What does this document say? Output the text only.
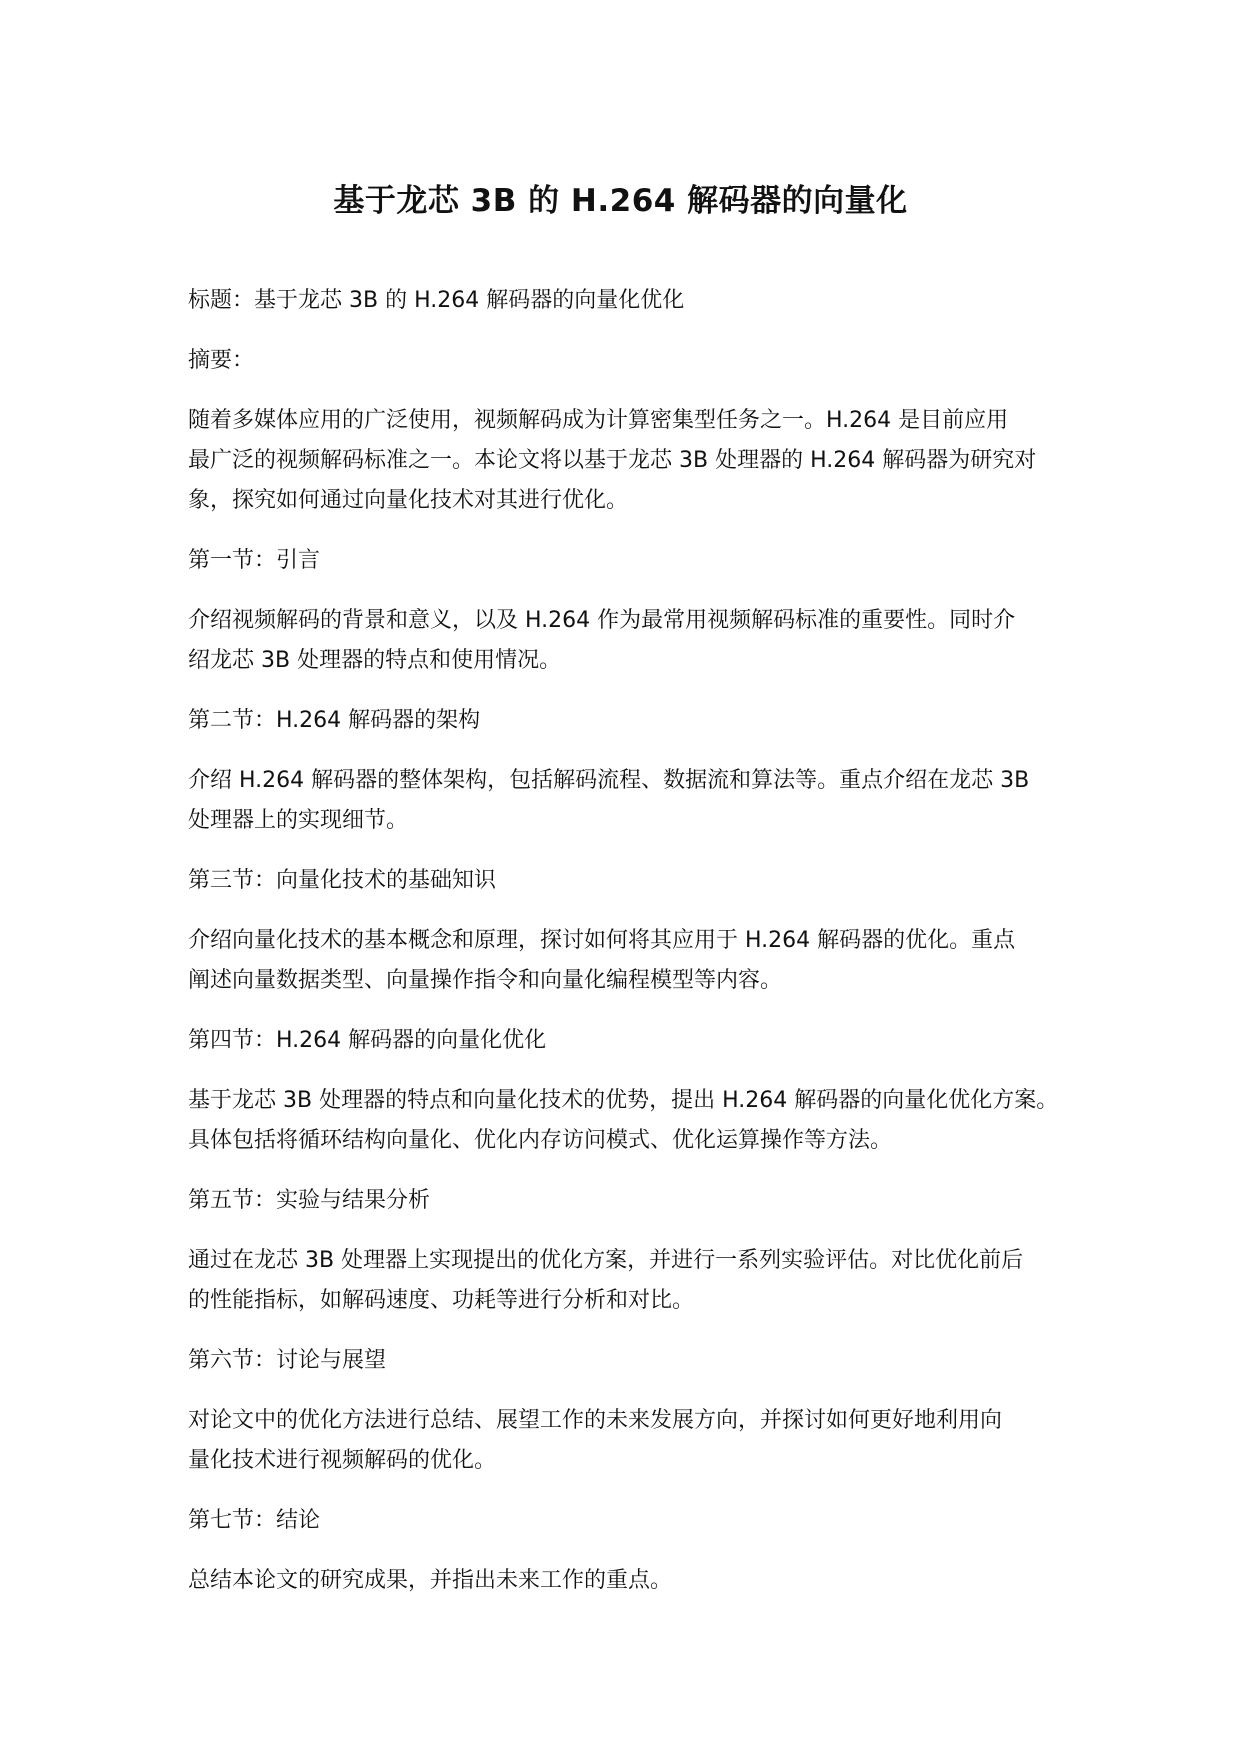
基于龙芯 3B 的 H.264 解码器的向量化

标题：基于龙芯 3B 的 H.264 解码器的向量化优化

摘要：

随着多媒体应用的广泛使用，视频解码成为计算密集型任务之一。H.264 是目前应用
最广泛的视频解码标准之一。本论文将以基于龙芯 3B 处理器的 H.264 解码器为研究对
象，探究如何通过向量化技术对其进行优化。

第一节：引言

介绍视频解码的背景和意义，以及 H.264 作为最常用视频解码标准的重要性。同时介
绍龙芯 3B 处理器的特点和使用情况。

第二节：H.264 解码器的架构

介绍 H.264 解码器的整体架构，包括解码流程、数据流和算法等。重点介绍在龙芯 3B
处理器上的实现细节。

第三节：向量化技术的基础知识

介绍向量化技术的基本概念和原理，探讨如何将其应用于 H.264 解码器的优化。重点
阐述向量数据类型、向量操作指令和向量化编程模型等内容。

第四节：H.264 解码器的向量化优化

基于龙芯 3B 处理器的特点和向量化技术的优势，提出 H.264 解码器的向量化优化方案。
具体包括将循环结构向量化、优化内存访问模式、优化运算操作等方法。

第五节：实验与结果分析

通过在龙芯 3B 处理器上实现提出的优化方案，并进行一系列实验评估。对比优化前后
的性能指标，如解码速度、功耗等进行分析和对比。

第六节：讨论与展望

对论文中的优化方法进行总结、展望工作的未来发展方向，并探讨如何更好地利用向
量化技术进行视频解码的优化。

第七节：结论

总结本论文的研究成果，并指出未来工作的重点。
